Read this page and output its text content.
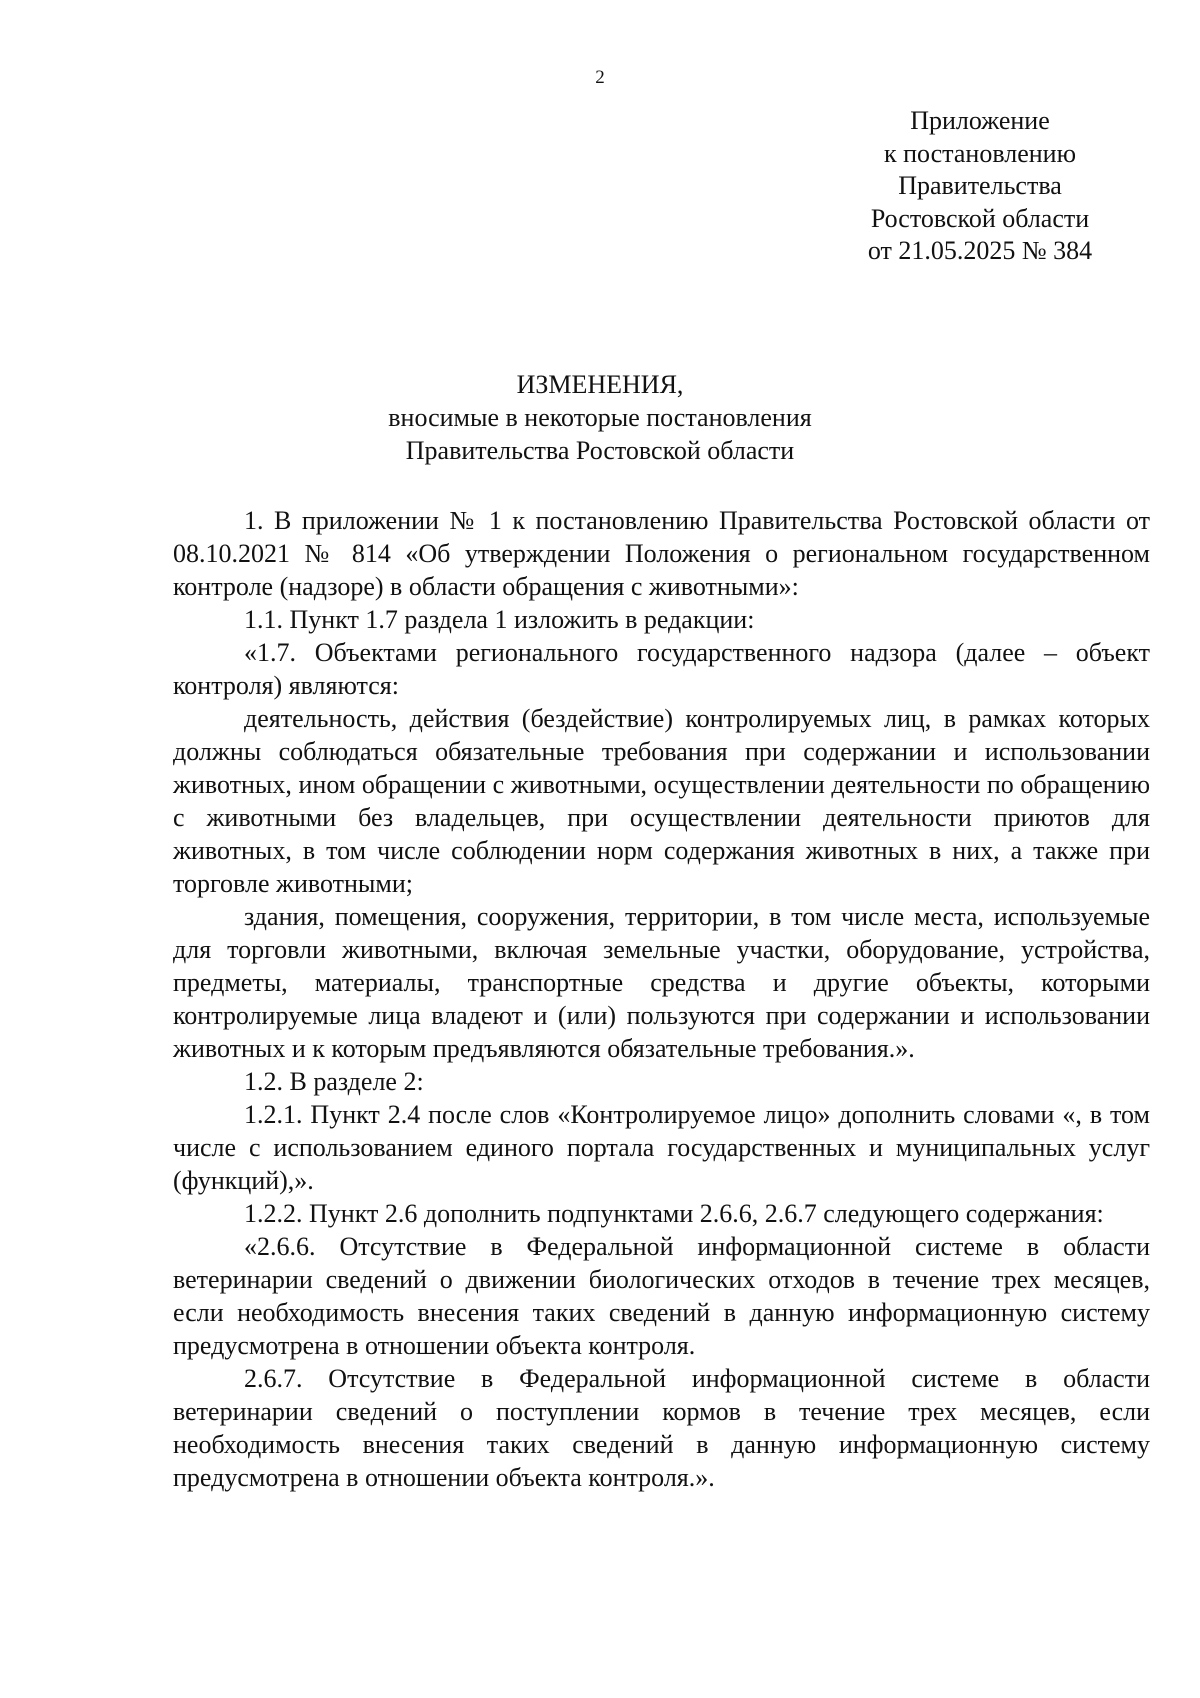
2
Приложение
к постановлению
Правительства
Ростовской области
от 21.05.2025 № 384
ИЗМЕНЕНИЯ,
вносимые в некоторые постановления
Правительства Ростовской области

1. В приложении № 1 к постановлению Правительства Ростовской области от 08.10.2021 № 814 «Об утверждении Положения о региональном государственном контроле (надзоре) в области обращения с животными»:

1.1. Пункт 1.7 раздела 1 изложить в редакции:

«1.7. Объектами регионального государственного надзора (далее – объект контроля) являются:

деятельность, действия (бездействие) контролируемых лиц, в рамках которых должны соблюдаться обязательные требования при содержании и использовании животных, ином обращении с животными, осуществлении деятельности по обращению с животными без владельцев, при осуществлении деятельности приютов для животных, в том числе соблюдении норм содержания животных в них, а также при торговле животными;

здания, помещения, сооружения, территории, в том числе места, используемые для торговли животными, включая земельные участки, оборудование, устройства, предметы, материалы, транспортные средства и другие объекты, которыми контролируемые лица владеют и (или) пользуются при содержании и использовании животных и к которым предъявляются обязательные требования.».

1.2. В разделе 2:

1.2.1. Пункт 2.4 после слов «Контролируемое лицо» дополнить словами «, в том числе с использованием единого портала государственных и муниципальных услуг (функций),».

1.2.2. Пункт 2.6 дополнить подпунктами 2.6.6, 2.6.7 следующего содержания:

«2.6.6. Отсутствие в Федеральной информационной системе в области ветеринарии сведений о движении биологических отходов в течение трех месяцев, если необходимость внесения таких сведений в данную информационную систему предусмотрена в отношении объекта контроля.

2.6.7. Отсутствие в Федеральной информационной системе в области ветеринарии сведений о поступлении кормов в течение трех месяцев, если необходимость внесения таких сведений в данную информационную систему предусмотрена в отношении объекта контроля.».
